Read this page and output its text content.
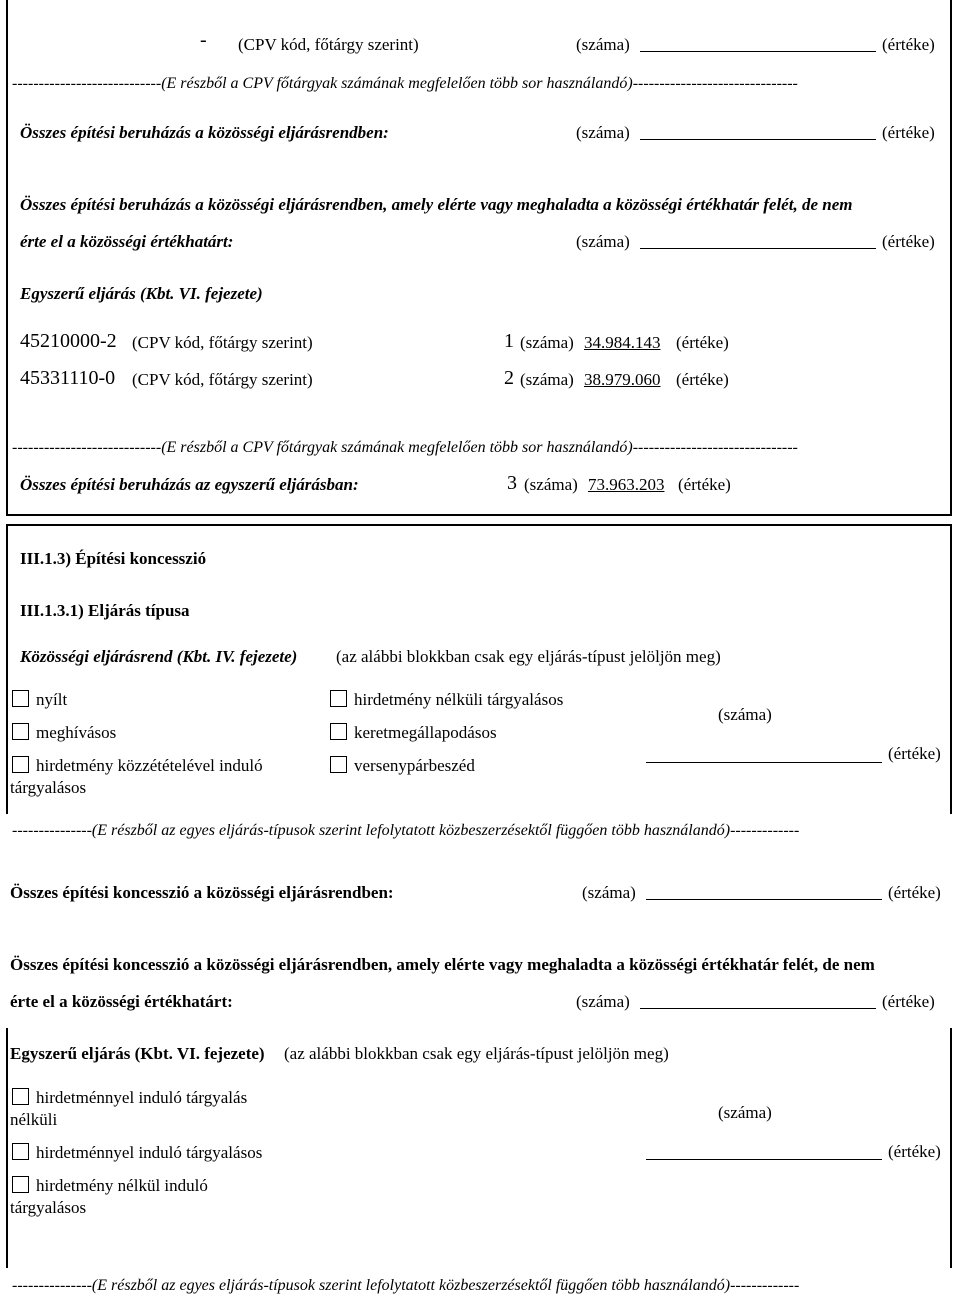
- (CPV kód, főtárgy szerint)	(száma)	(értéke)
----------------------------(E részből a CPV főtárgyak számának megfelelően több sor használandó)-------------------------------
Összes építési beruházás a közösségi eljárásrendben:	(száma)	(értéke)
Összes építési beruházás a közösségi eljárásrendben, amely elérte vagy meghaladta a közösségi értékhatár felét, de nem
érte el a közösségi értékhatárt:	(száma)	(értéke)
Egyszerű eljárás (Kbt. VI. fejezete)
45210000-2 (CPV kód, főtárgy szerint)	1 (száma) 34.984.143 (értéke)
45331110-0 (CPV kód, főtárgy szerint)	2 (száma) 38.979.060 (értéke)
----------------------------(E részből a CPV főtárgyak számának megfelelően több sor használandó)-------------------------------
Összes építési beruházás az egyszerű eljárásban:	3 (száma) 73.963.203 (értéke)
III.1.3) Építési koncesszió
III.1.3.1) Eljárás típusa
Közösségi eljárásrend (Kbt. IV. fejezete) (az alábbi blokkban csak egy eljárás-típust jelöljön meg)
nyílt
meghívásos
hirdetmény közzétételével induló
tárgyalásos
hirdetmény nélküli tárgyalásos
keretmegállapodásos
versenypárbeszéd
(száma)
(értéke)
---------------(E részből az egyes eljárás-típusok szerint lefolytatott közbeszerzésektől függően több használandó)-------------
Összes építési koncesszió a közösségi eljárásrendben:	(száma)	(értéke)
Összes építési koncesszió a közösségi eljárásrendben, amely elérte vagy meghaladta a közösségi értékhatár felét, de nem
érte el a közösségi értékhatárt:	(száma)	(értéke)
Egyszerű eljárás (Kbt. VI. fejezete) (az alábbi blokkban csak egy eljárás-típust jelöljön meg)
hirdetménnyel induló tárgyalás
nélküli
hirdetménnyel induló tárgyalásos
hirdetmény nélkül induló
tárgyalásos
(száma)
(értéke)
---------------(E részből az egyes eljárás-típusok szerint lefolytatott közbeszerzésektől függően több használandó)-------------
